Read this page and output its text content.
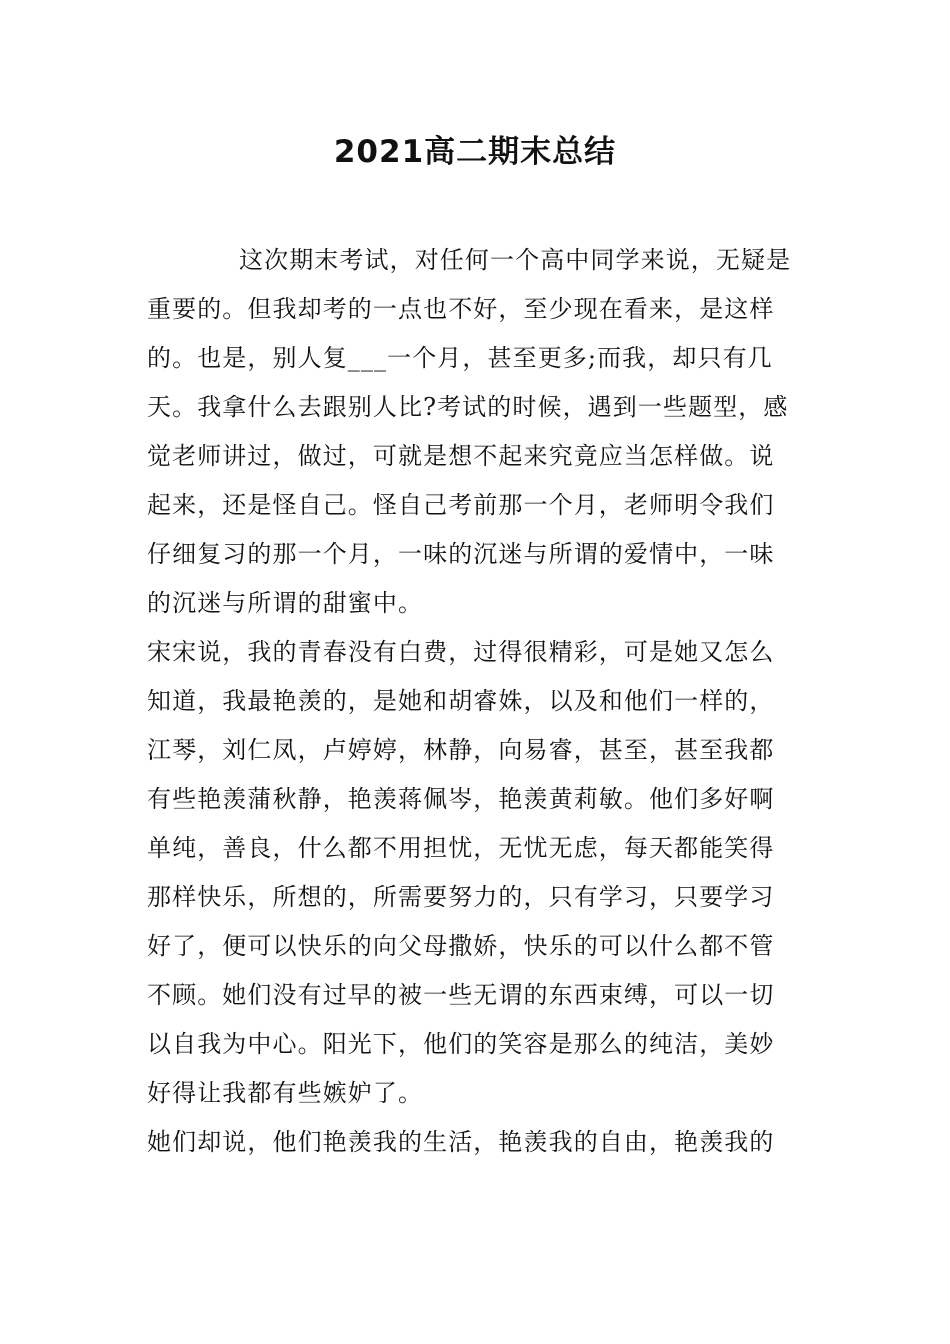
2021高二期末总结
这次期末考试，对任何一个高中同学来说，无疑是
重要的。但我却考的一点也不好，至少现在看来，是这样
的。也是，别人复___一个月，甚至更多;而我，却只有几
天。我拿什么去跟别人比?考试的时候，遇到一些题型，感
觉老师讲过，做过，可就是想不起来究竟应当怎样做。说
起来，还是怪自己。怪自己考前那一个月，老师明令我们
仔细复习的那一个月，一味的沉迷与所谓的爱情中，一味
的沉迷与所谓的甜蜜中。
宋宋说，我的青春没有白费，过得很精彩，可是她又怎么
知道，我最艳羡的，是她和胡睿姝，以及和他们一样的，
江琴，刘仁凤，卢婷婷，林静，向易睿，甚至，甚至我都
有些艳羡蒲秋静，艳羡蒋佩岑，艳羡黄莉敏。他们多好啊
单纯，善良，什么都不用担忧，无忧无虑，每天都能笑得
那样快乐，所想的，所需要努力的，只有学习，只要学习
好了，便可以快乐的向父母撒娇，快乐的可以什么都不管
不顾。她们没有过早的被一些无谓的东西束缚，可以一切
以自我为中心。阳光下，他们的笑容是那么的纯洁，美妙
好得让我都有些嫉妒了。
她们却说，他们艳羡我的生活，艳羡我的自由，艳羡我的
